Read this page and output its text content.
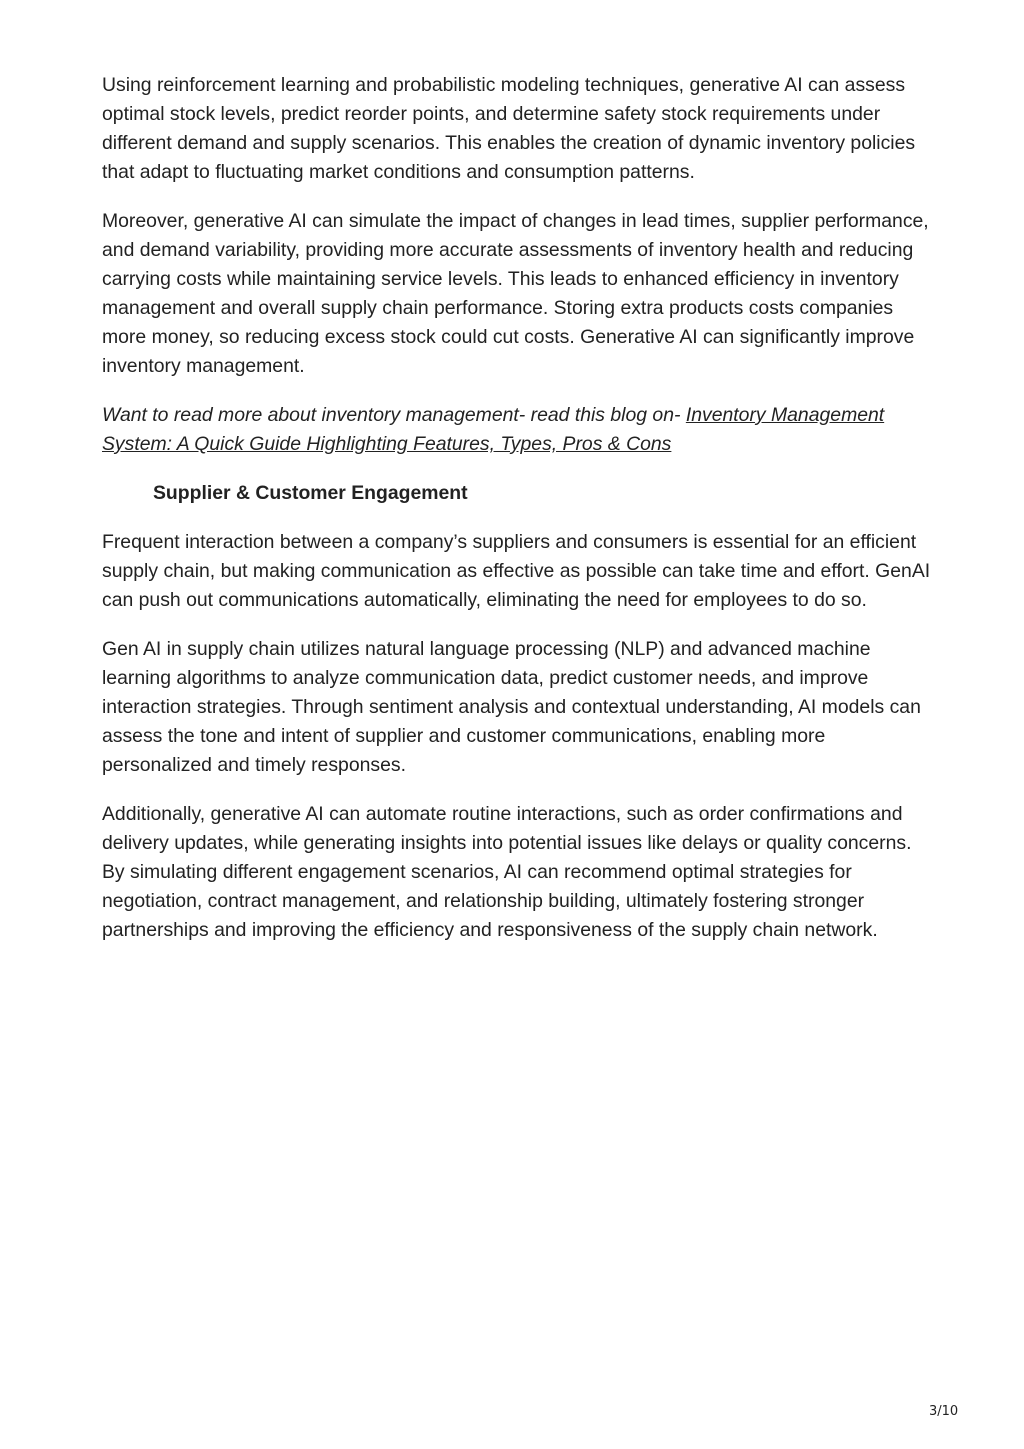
Using reinforcement learning and probabilistic modeling techniques, generative AI can assess optimal stock levels, predict reorder points, and determine safety stock requirements under different demand and supply scenarios. This enables the creation of dynamic inventory policies that adapt to fluctuating market conditions and consumption patterns.

Moreover, generative AI can simulate the impact of changes in lead times, supplier performance, and demand variability, providing more accurate assessments of inventory health and reducing carrying costs while maintaining service levels. This leads to enhanced efficiency in inventory management and overall supply chain performance. Storing extra products costs companies more money, so reducing excess stock could cut costs. Generative AI can significantly improve inventory management.

Want to read more about inventory management- read this blog on- Inventory Management System: A Quick Guide Highlighting Features, Types, Pros & Cons

Supplier & Customer Engagement

Frequent interaction between a company’s suppliers and consumers is essential for an efficient supply chain, but making communication as effective as possible can take time and effort. GenAI can push out communications automatically, eliminating the need for employees to do so.

Gen AI in supply chain utilizes natural language processing (NLP) and advanced machine learning algorithms to analyze communication data, predict customer needs, and improve interaction strategies. Through sentiment analysis and contextual understanding, AI models can assess the tone and intent of supplier and customer communications, enabling more personalized and timely responses.

Additionally, generative AI can automate routine interactions, such as order confirmations and delivery updates, while generating insights into potential issues like delays or quality concerns. By simulating different engagement scenarios, AI can recommend optimal strategies for negotiation, contract management, and relationship building, ultimately fostering stronger partnerships and improving the efficiency and responsiveness of the supply chain network.

3/10
